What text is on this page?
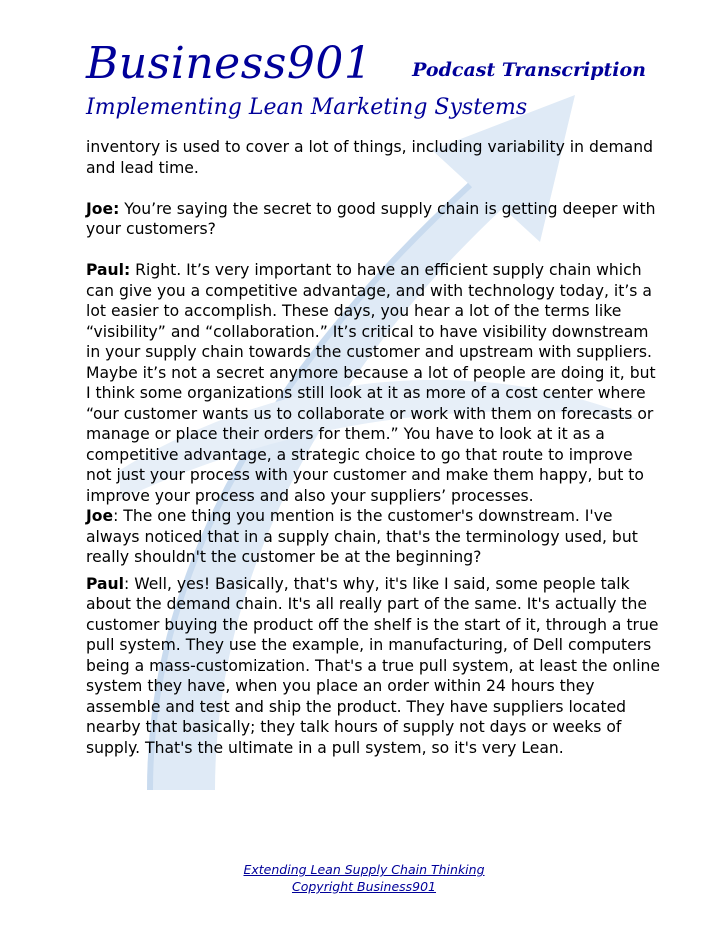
Business901 Podcast Transcription
Implementing Lean Marketing Systems

inventory is used to cover a lot of things, including variability in demand and lead time.

Joe: You’re saying the secret to good supply chain is getting deeper with your customers?

Paul: Right. It’s very important to have an efficient supply chain which can give you a competitive advantage, and with technology today, it’s a lot easier to accomplish. These days, you hear a lot of the terms like “visibility” and “collaboration.” It’s critical to have visibility downstream in your supply chain towards the customer and upstream with suppliers. Maybe it’s not a secret anymore because a lot of people are doing it, but I think some organizations still look at it as more of a cost center where “our customer wants us to collaborate or work with them on forecasts or manage or place their orders for them.” You have to look at it as a competitive advantage, a strategic choice to go that route to improve not just your process with your customer and make them happy, but to improve your process and also your suppliers’ processes.

Joe: The one thing you mention is the customer's downstream. I've always noticed that in a supply chain, that's the terminology used, but really shouldn't the customer be at the beginning?

Paul: Well, yes! Basically, that's why, it's like I said, some people talk about the demand chain. It's all really part of the same. It's actually the customer buying the product off the shelf is the start of it, through a true pull system. They use the example, in manufacturing, of Dell computers being a mass-customization. That's a true pull system, at least the online system they have, when you place an order within 24 hours they assemble and test and ship the product. They have suppliers located nearby that basically; they talk hours of supply not days or weeks of supply. That's the ultimate in a pull system, so it's very Lean.

Extending Lean Supply Chain Thinking
Copyright Business901
